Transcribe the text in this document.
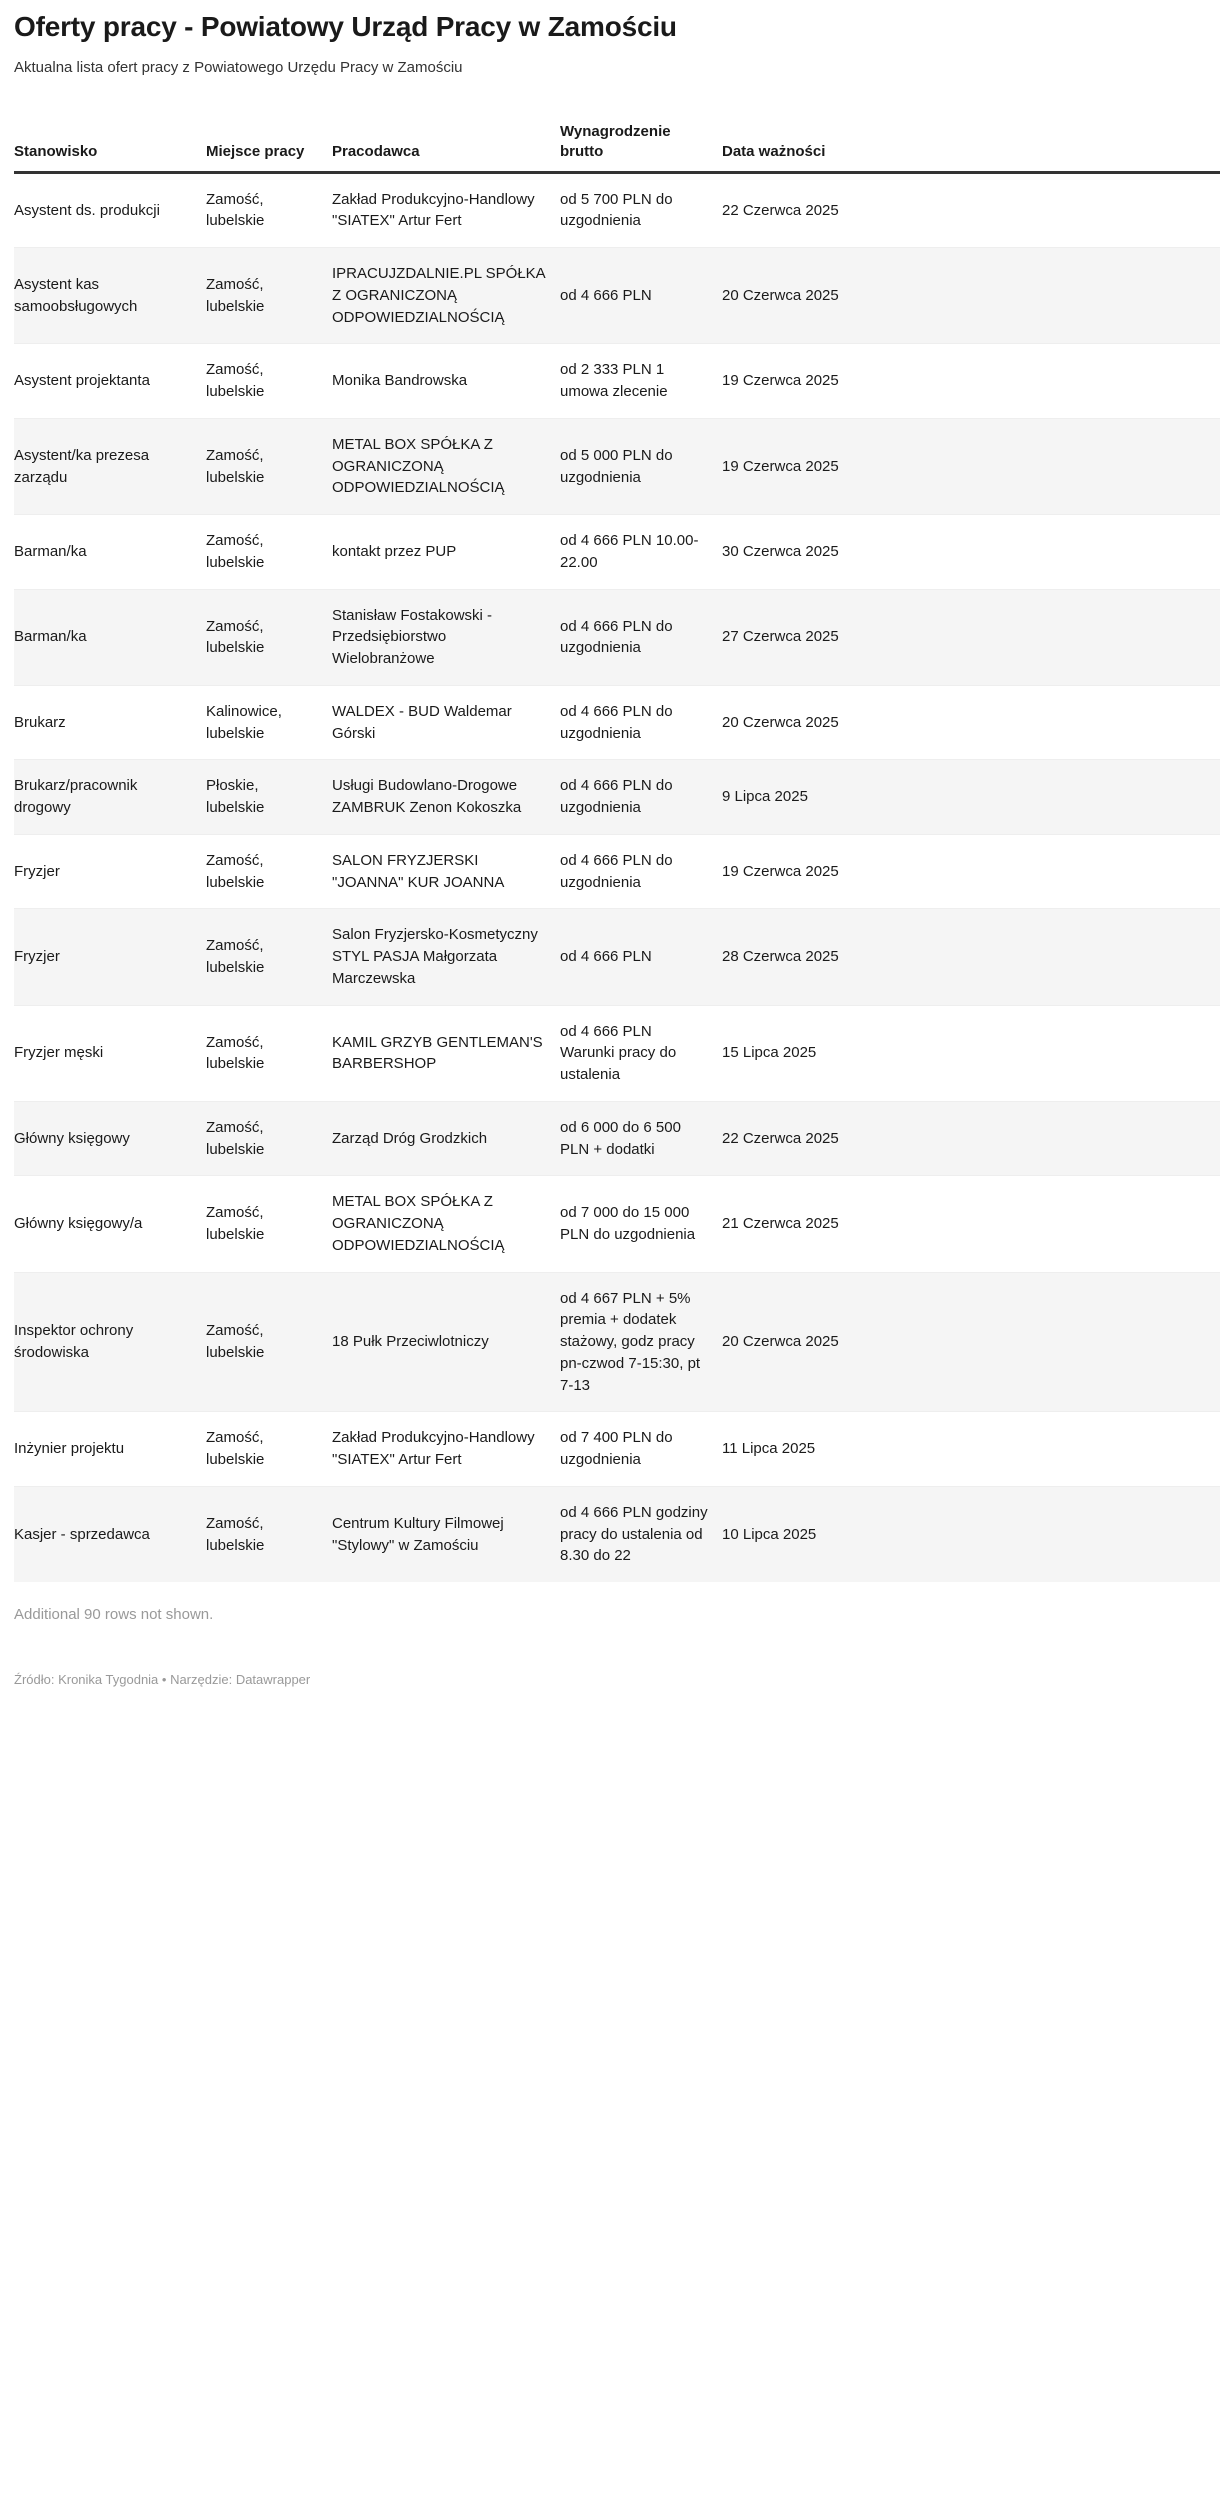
Oferty pracy - Powiatowy Urząd Pracy w Zamościu

Aktualna lista ofert pracy z Powiatowego Urzędu Pracy w Zamościu

Stanowisko	Miejsce pracy	Pracodawca	Wynagrodzenie brutto	Data ważności

Asystent ds. produkcji	Zamość, lubelskie	Zakład Produkcyjno-Handlowy "SIATEX" Artur Fert	od 5 700 PLN do uzgodnienia	22 Czerwca 2025
Asystent kas samoobsługowych	Zamość, lubelskie	IPRACUJZDALNIE.PL SPÓŁKA Z OGRANICZONĄ ODPOWIEDZIALNOŚCIĄ	od 4 666 PLN	20 Czerwca 2025
Asystent projektanta	Zamość, lubelskie	Monika Bandrowska	od 2 333 PLN 1 umowa zlecenie	19 Czerwca 2025
Asystent/ka prezesa zarządu	Zamość, lubelskie	METAL BOX SPÓŁKA Z OGRANICZONĄ ODPOWIEDZIALNOŚCIĄ	od 5 000 PLN do uzgodnienia	19 Czerwca 2025
Barman/ka	Zamość, lubelskie	kontakt przez PUP	od 4 666 PLN 10.00-22.00	30 Czerwca 2025
Barman/ka	Zamość, lubelskie	Stanisław Fostakowski - Przedsiębiorstwo Wielobranżowe	od 4 666 PLN do uzgodnienia	27 Czerwca 2025
Brukarz	Kalinowice, lubelskie	WALDEX - BUD Waldemar Górski	od 4 666 PLN do uzgodnienia	20 Czerwca 2025
Brukarz/pracownik drogowy	Płoskie, lubelskie	Usługi Budowlano-Drogowe ZAMBRUK Zenon Kokoszka	od 4 666 PLN do uzgodnienia	9 Lipca 2025
Fryzjer	Zamość, lubelskie	SALON FRYZJERSKI "JOANNA" KUR JOANNA	od 4 666 PLN do uzgodnienia	19 Czerwca 2025
Fryzjer	Zamość, lubelskie	Salon Fryzjersko-Kosmetyczny STYL PASJA Małgorzata Marczewska	od 4 666 PLN	28 Czerwca 2025
Fryzjer męski	Zamość, lubelskie	KAMIL GRZYB GENTLEMAN'S BARBERSHOP	od 4 666 PLN Warunki pracy do ustalenia	15 Lipca 2025
Główny księgowy	Zamość, lubelskie	Zarząd Dróg Grodzkich	od 6 000 do 6 500 PLN + dodatki	22 Czerwca 2025
Główny księgowy/a	Zamość, lubelskie	METAL BOX SPÓŁKA Z OGRANICZONĄ ODPOWIEDZIALNOŚCIĄ	od 7 000 do 15 000 PLN do uzgodnienia	21 Czerwca 2025
Inspektor ochrony środowiska	Zamość, lubelskie	18 Pułk Przeciwlotniczy	od 4 667 PLN + 5% premia + dodatek stażowy, godz pracy pn-czwod 7-15:30, pt 7-13	20 Czerwca 2025
Inżynier projektu	Zamość, lubelskie	Zakład Produkcyjno-Handlowy "SIATEX" Artur Fert	od 7 400 PLN do uzgodnienia	11 Lipca 2025
Kasjer - sprzedawca	Zamość, lubelskie	Centrum Kultury Filmowej "Stylowy" w Zamościu	od 4 666 PLN godziny pracy do ustalenia od 8.30 do 22	10 Lipca 2025
Additional 90 rows not shown.
Źródło: Kronika Tygodnia • Narzędzie: Datawrapper
